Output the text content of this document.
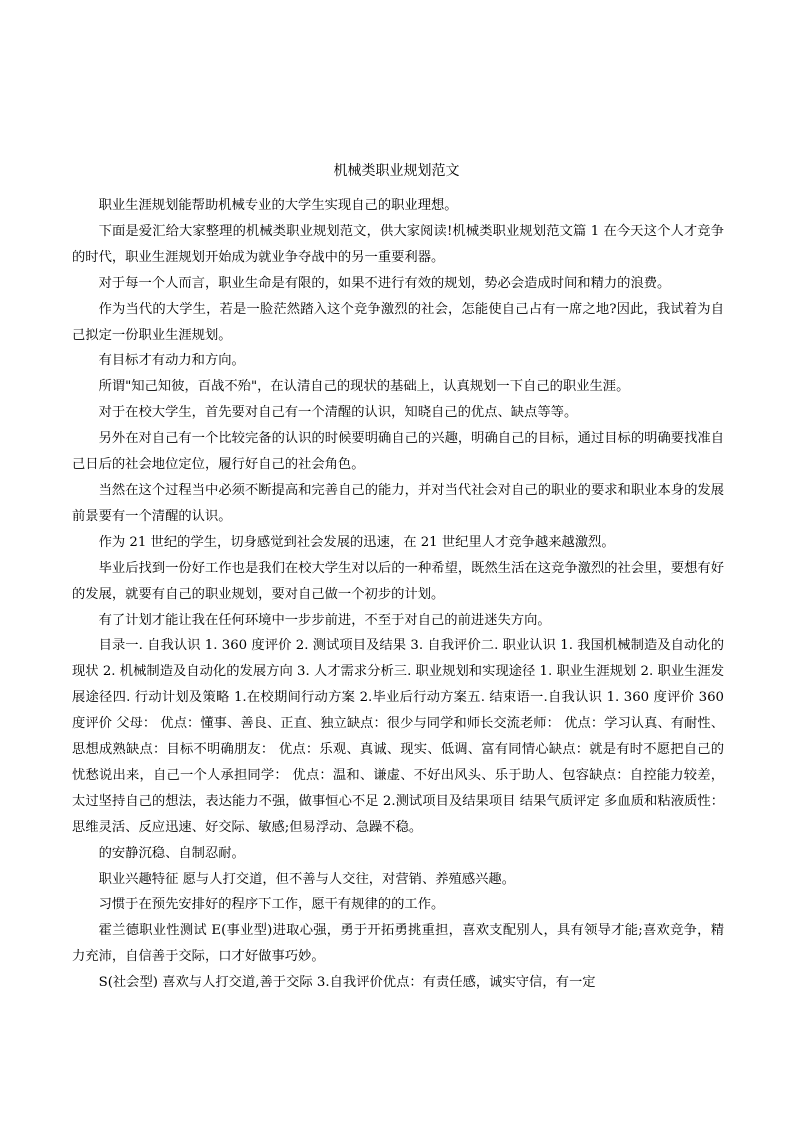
机械类职业规划范文

职业生涯规划能帮助机械专业的大学生实现自己的职业理想。

下面是爱汇给大家整理的机械类职业规划范文，供大家阅读!机械类职业规划范文篇 1 在今天这个人才竞争的时代，职业生涯规划开始成为就业争夺战中的另一重要利器。

对于每一个人而言，职业生命是有限的，如果不进行有效的规划，势必会造成时间和精力的浪费。

作为当代的大学生，若是一脸茫然踏入这个竞争激烈的社会，怎能使自己占有一席之地?因此，我试着为自己拟定一份职业生涯规划。

有目标才有动力和方向。

所谓"知己知彼，百战不殆"，在认清自己的现状的基础上，认真规划一下自己的职业生涯。

对于在校大学生，首先要对自己有一个清醒的认识，知晓自己的优点、缺点等等。

另外在对自己有一个比较完备的认识的时候要明确自己的兴趣，明确自己的目标，通过目标的明确要找准自己日后的社会地位定位，履行好自己的社会角色。

当然在这个过程当中必须不断提高和完善自己的能力，并对当代社会对自己的职业的要求和职业本身的发展前景要有一个清醒的认识。

作为 21 世纪的学生，切身感觉到社会发展的迅速，在 21 世纪里人才竞争越来越激烈。

毕业后找到一份好工作也是我们在校大学生对以后的一种希望，既然生活在这竞争激烈的社会里，要想有好的发展，就要有自己的职业规划，要对自己做一个初步的计划。

有了计划才能让我在任何环境中一步步前进，不至于对自己的前进迷失方向。

目录一. 自我认识 1. 360 度评价 2. 测试项目及结果 3. 自我评价二. 职业认识 1. 我国机械制造及自动化的现状 2. 机械制造及自动化的发展方向 3. 人才需求分析三. 职业规划和实现途径 1. 职业生涯规划 2. 职业生涯发展途径四. 行动计划及策略 1.在校期间行动方案 2.毕业后行动方案五. 结束语一.自我认识 1. 360 度评价 360 度评价 父母： 优点：懂事、善良、正直、独立缺点：很少与同学和师长交流老师： 优点：学习认真、有耐性、思想成熟缺点：目标不明确朋友： 优点：乐观、真诚、现实、低调、富有同情心缺点：就是有时不愿把自己的忧愁说出来，自己一个人承担同学： 优点：温和、谦虚、不好出风头、乐于助人、包容缺点：自控能力较差，太过坚持自己的想法，表达能力不强，做事恒心不足 2.测试项目及结果项目 结果气质评定 多血质和粘液质性：思维灵活、反应迅速、好交际、敏感;但易浮动、急躁不稳。

的安静沉稳、自制忍耐。

职业兴趣特征 愿与人打交道，但不善与人交往，对营销、养殖感兴趣。

习惯于在预先安排好的程序下工作，愿干有规律的的工作。

霍兰德职业性测试 E(事业型)进取心强，勇于开拓勇挑重担，喜欢支配别人，具有领导才能;喜欢竞争，精力充沛，自信善于交际，口才好做事巧妙。

S(社会型) 喜欢与人打交道,善于交际 3.自我评价优点：有责任感，诚实守信，有一定
